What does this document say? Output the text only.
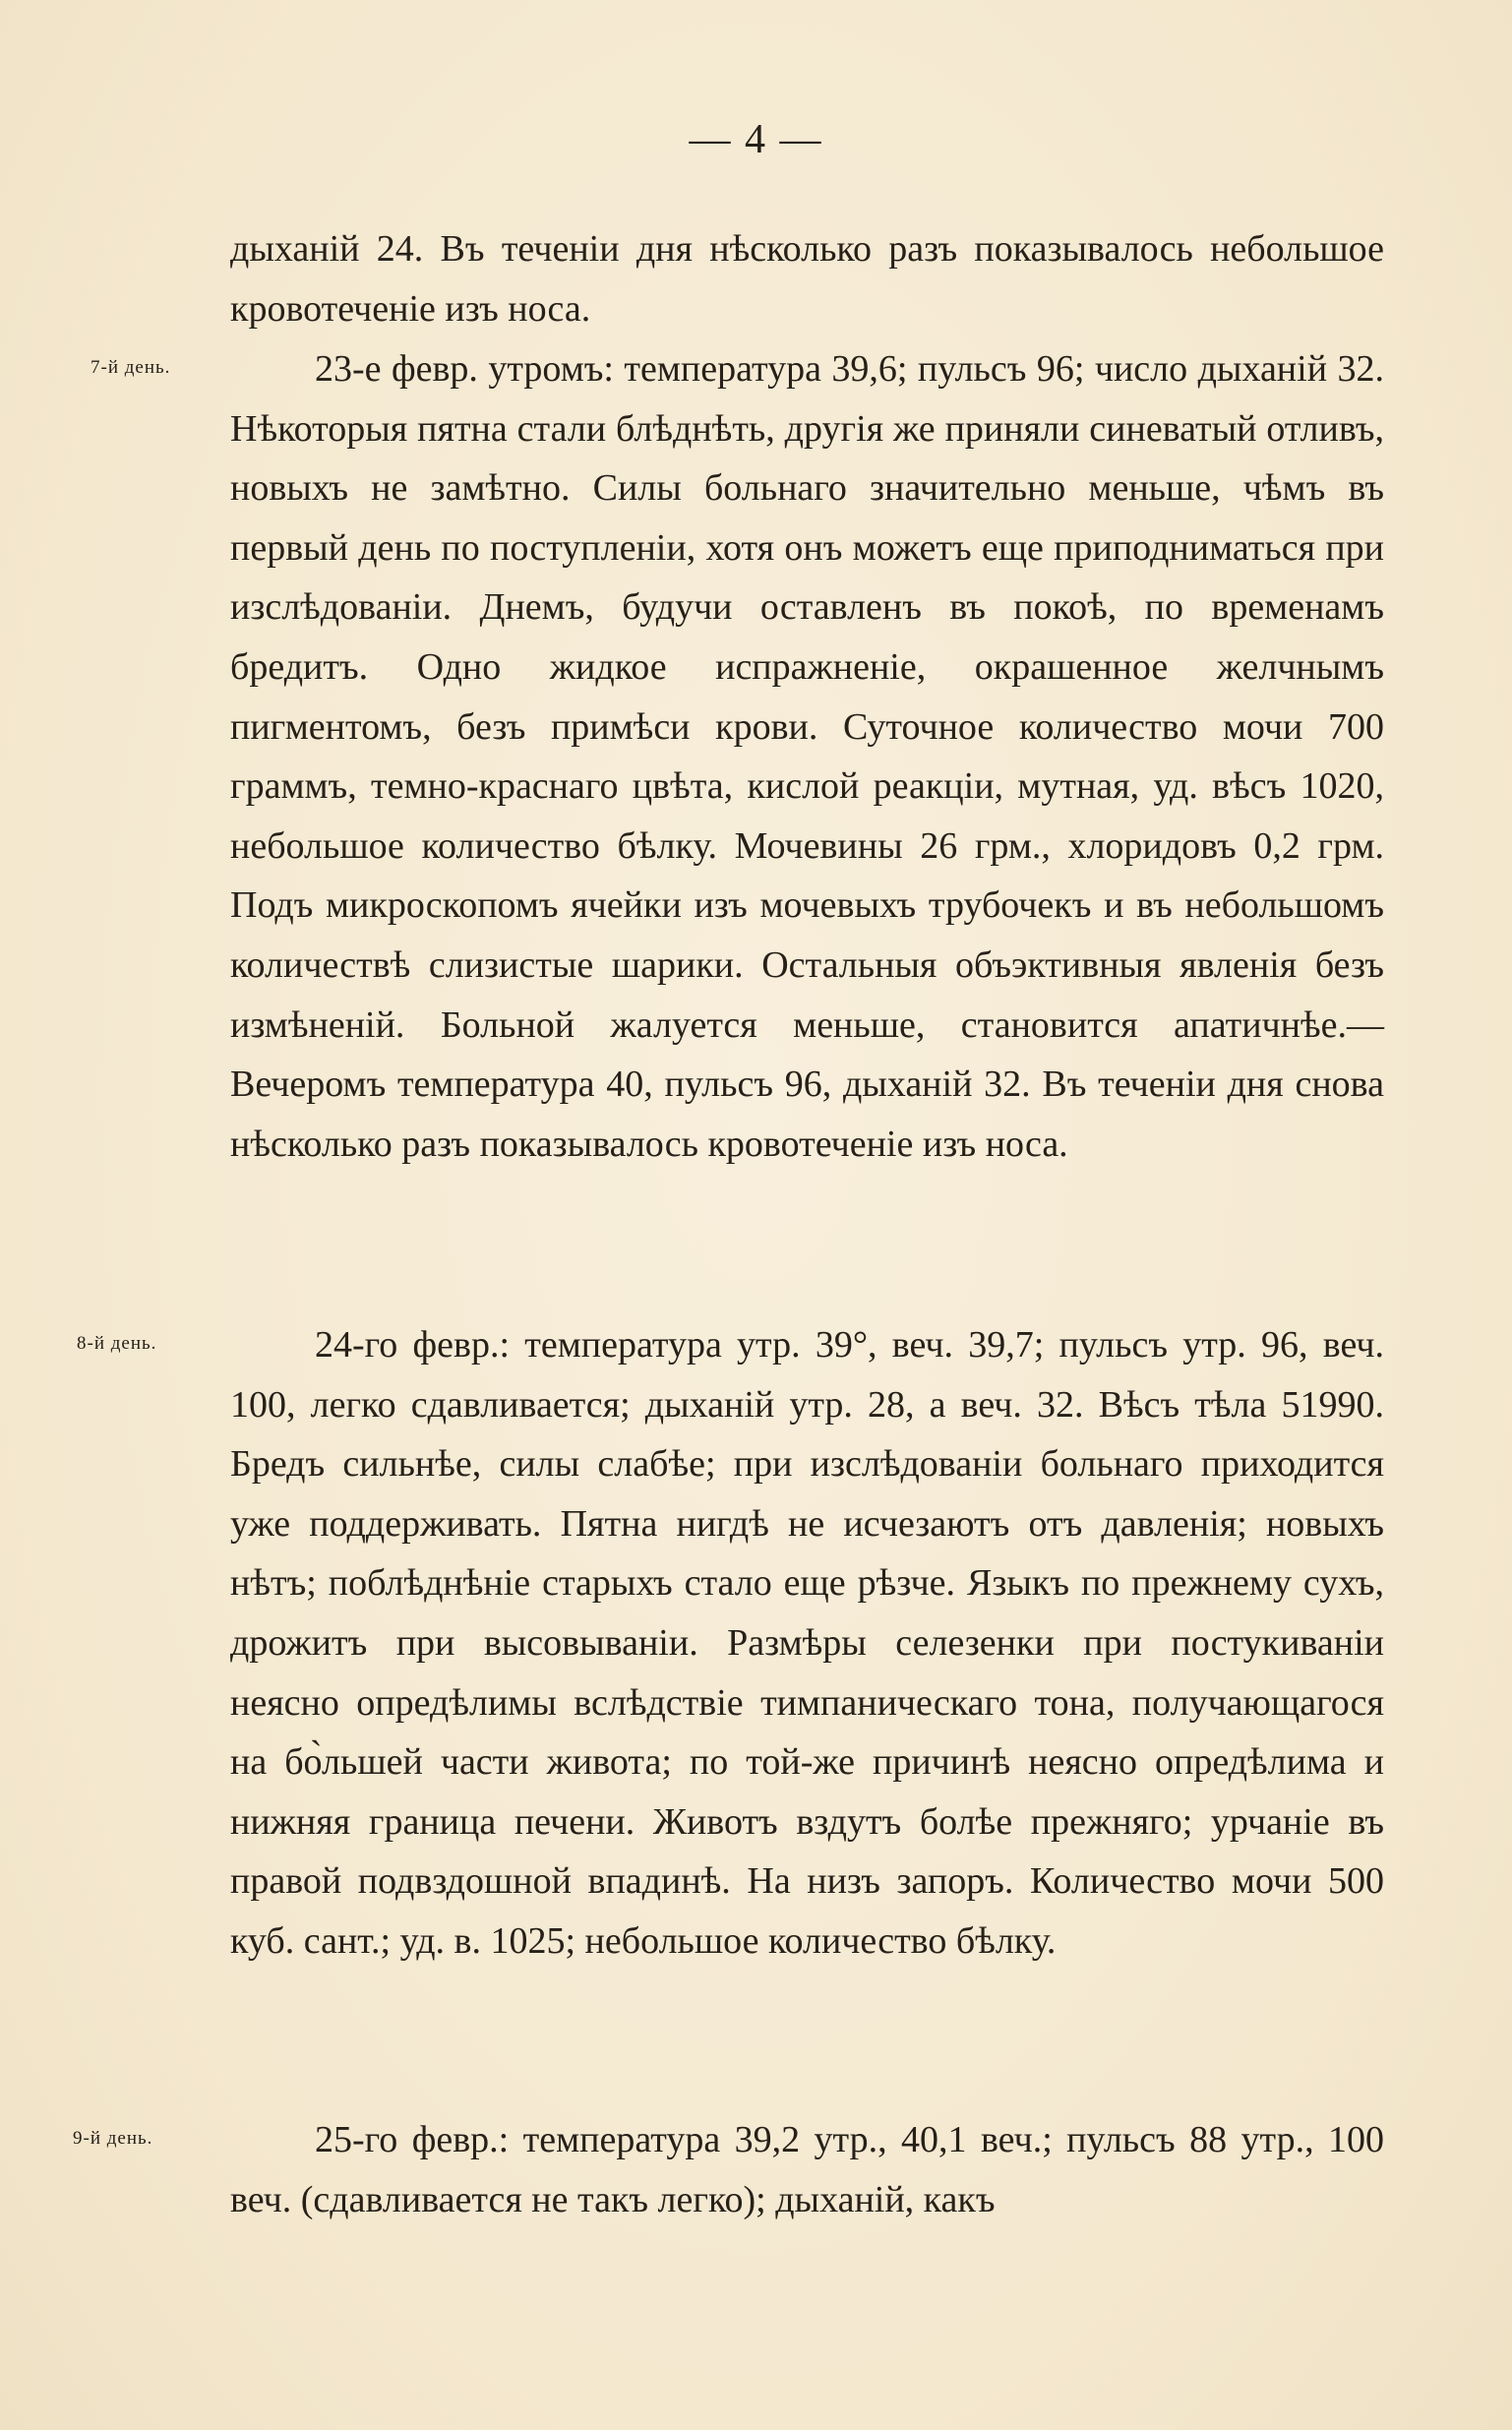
— 4 —
7-й день.
8-й день.
9-й день.

дыханій 24. Въ теченіи дня нѣсколько разъ показывалось небольшое кровотеченіе изъ носа.

23-е февр. утромъ: температура 39,6; пульсъ 96; число дыханій 32. Нѣкоторыя пятна стали блѣднѣть, другія же приняли синеватый отливъ, новыхъ не замѣтно. Силы больнаго значительно меньше, чѣмъ въ первый день по поступленіи, хотя онъ можетъ еще приподниматься при изслѣдованіи. Днемъ, будучи оставленъ въ покоѣ, по временамъ бредитъ. Одно жидкое испражненіе, окрашенное желчнымъ пигментомъ, безъ примѣси крови. Суточное количество мочи 700 граммъ, темно-краснаго цвѣта, кислой реакціи, мутная, уд. вѣсъ 1020, небольшое количество бѣлку. Мочевины 26 грм., хлоридовъ 0,2 грм. Подъ микроскопомъ ячейки изъ мочевыхъ трубочекъ и въ небольшомъ количествѣ слизистые шарики. Остальныя объэктивныя явленія безъ измѣненій. Больной жалуется меньше, становится апатичнѣе.—Вечеромъ температура 40, пульсъ 96, дыханій 32. Въ теченіи дня снова нѣсколько разъ показывалось кровотеченіе изъ носа.

24-го февр.: температура утр. 39°, веч. 39,7; пульсъ утр. 96, веч. 100, легко сдавливается; дыханій утр. 28, а веч. 32. Вѣсъ тѣла 51990. Бредъ сильнѣе, силы слабѣе; при изслѣдованіи больнаго приходится уже поддерживать. Пятна нигдѣ не исчезаютъ отъ давленія; новыхъ нѣтъ; поблѣднѣніе старыхъ стало еще рѣзче. Языкъ по прежнему сухъ, дрожитъ при высовываніи. Размѣры селезенки при постукиваніи неясно опредѣлимы вслѣдствіе тимпаническаго тона, получающагося на бо̀льшей части живота; по той-же причинѣ неясно опредѣлима и нижняя граница печени. Животъ вздутъ болѣе прежняго; урчаніе въ правой подвздошной впадинѣ. На низъ запоръ. Количество мочи 500 куб. сант.; уд. в. 1025; небольшое количество бѣлку.

25-го февр.: температура 39,2 утр., 40,1 веч.; пульсъ 88 утр., 100 веч. (сдавливается не такъ легко); дыханій, какъ
